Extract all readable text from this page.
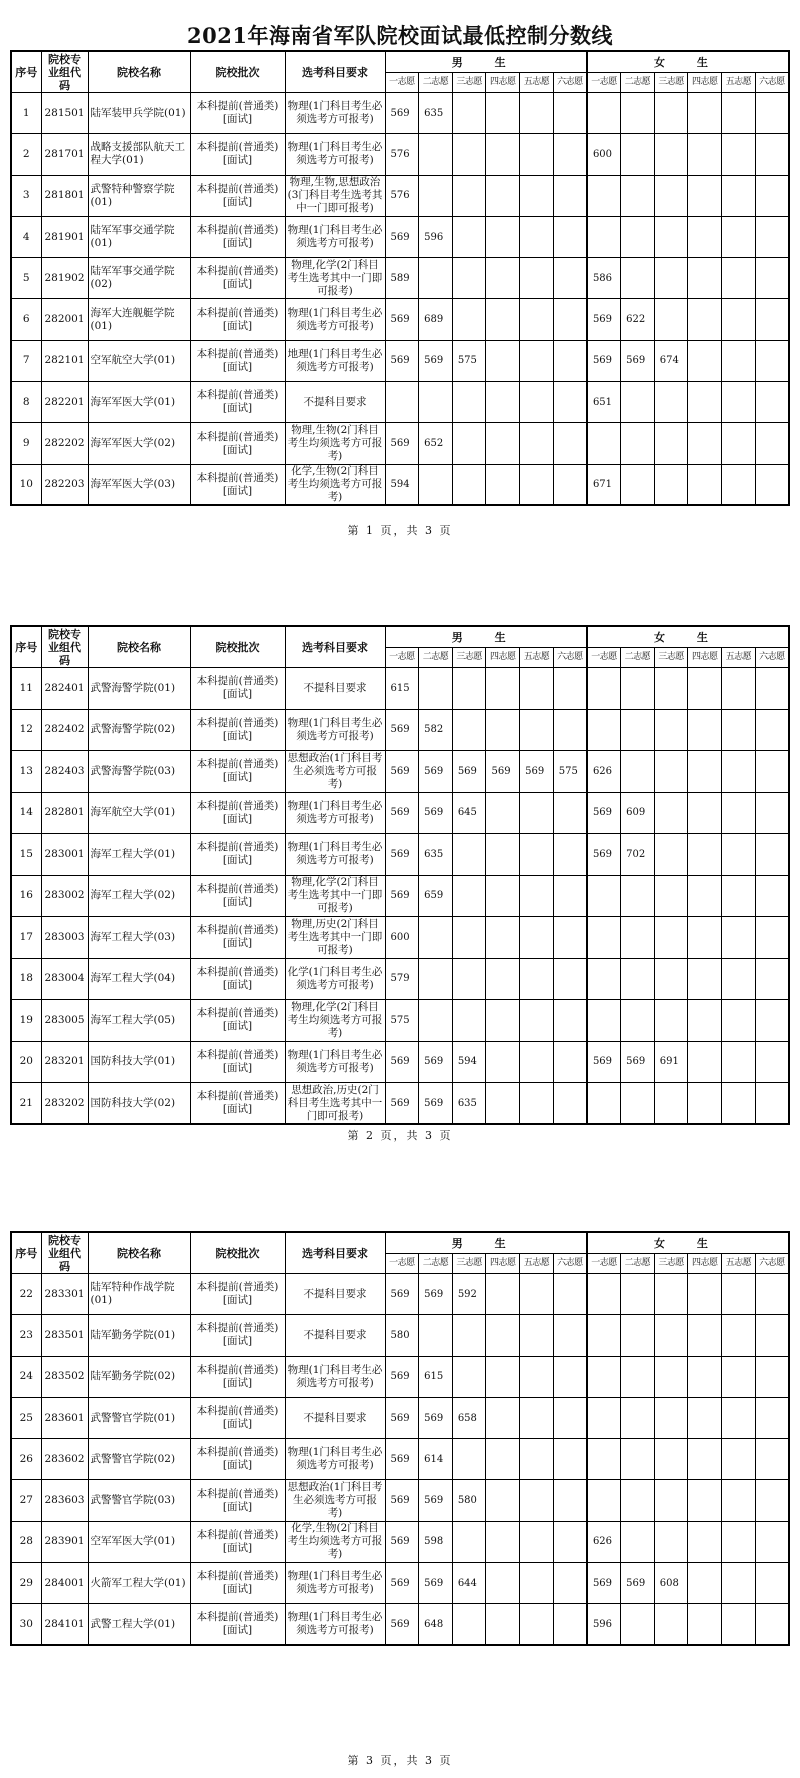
2021年海南省军队院校面试最低控制分数线
序号	院校专业组代码	院校名称	院校批次	选考科目要求	男 生						女 生					
					一志愿	二志愿	三志愿	四志愿	五志愿	六志愿	一志愿	二志愿	三志愿	四志愿	五志愿	六志愿
1	281501	陆军装甲兵学院(01)	本科提前(普通类)[面试]	物理(1门科目考生必须选考方可报考)	569	635										
2	281701	战略支援部队航天工程大学(01)	本科提前(普通类)[面试]	物理(1门科目考生必须选考方可报考)	576						600					
3	281801	武警特种警察学院(01)	本科提前(普通类)[面试]	物理,生物,思想政治(3门科目考生选考其中一门即可报考)	576											
4	281901	陆军军事交通学院(01)	本科提前(普通类)[面试]	物理(1门科目考生必须选考方可报考)	569	596										
5	281902	陆军军事交通学院(02)	本科提前(普通类)[面试]	物理,化学(2门科目考生选考其中一门即可报考)	589						586					
6	282001	海军大连舰艇学院(01)	本科提前(普通类)[面试]	物理(1门科目考生必须选考方可报考)	569	689					569	622				
7	282101	空军航空大学(01)	本科提前(普通类)[面试]	地理(1门科目考生必须选考方可报考)	569	569	575				569	569	674			
8	282201	海军军医大学(01)	本科提前(普通类)[面试]	不提科目要求							651					
9	282202	海军军医大学(02)	本科提前(普通类)[面试]	物理,生物(2门科目考生均须选考方可报考)	569	652										
10	282203	海军军医大学(03)	本科提前(普通类)[面试]	化学,生物(2门科目考生均须选考方可报考)	594						671					
第 1 页，共 3 页
序号	院校专业组代码	院校名称	院校批次	选考科目要求	男 生						女 生					
					一志愿	二志愿	三志愿	四志愿	五志愿	六志愿	一志愿	二志愿	三志愿	四志愿	五志愿	六志愿
11	282401	武警海警学院(01)	本科提前(普通类)[面试]	不提科目要求	615											
12	282402	武警海警学院(02)	本科提前(普通类)[面试]	物理(1门科目考生必须选考方可报考)	569	582										
13	282403	武警海警学院(03)	本科提前(普通类)[面试]	思想政治(1门科目考生必须选考方可报考)	569	569	569	569	569	575	626					
14	282801	海军航空大学(01)	本科提前(普通类)[面试]	物理(1门科目考生必须选考方可报考)	569	569	645				569	609				
15	283001	海军工程大学(01)	本科提前(普通类)[面试]	物理(1门科目考生必须选考方可报考)	569	635					569	702				
16	283002	海军工程大学(02)	本科提前(普通类)[面试]	物理,化学(2门科目考生选考其中一门即可报考)	569	659										
17	283003	海军工程大学(03)	本科提前(普通类)[面试]	物理,历史(2门科目考生选考其中一门即可报考)	600											
18	283004	海军工程大学(04)	本科提前(普通类)[面试]	化学(1门科目考生必须选考方可报考)	579											
19	283005	海军工程大学(05)	本科提前(普通类)[面试]	物理,化学(2门科目考生均须选考方可报考)	575											
20	283201	国防科技大学(01)	本科提前(普通类)[面试]	物理(1门科目考生必须选考方可报考)	569	569	594				569	569	691			
21	283202	国防科技大学(02)	本科提前(普通类)[面试]	思想政治,历史(2门科目考生选考其中一门即可报考)	569	569	635									
第 2 页，共 3 页
序号	院校专业组代码	院校名称	院校批次	选考科目要求	男 生						女 生					
					一志愿	二志愿	三志愿	四志愿	五志愿	六志愿	一志愿	二志愿	三志愿	四志愿	五志愿	六志愿
22	283301	陆军特种作战学院(01)	本科提前(普通类)[面试]	不提科目要求	569	569	592									
23	283501	陆军勤务学院(01)	本科提前(普通类)[面试]	不提科目要求	580											
24	283502	陆军勤务学院(02)	本科提前(普通类)[面试]	物理(1门科目考生必须选考方可报考)	569	615										
25	283601	武警警官学院(01)	本科提前(普通类)[面试]	不提科目要求	569	569	658									
26	283602	武警警官学院(02)	本科提前(普通类)[面试]	物理(1门科目考生必须选考方可报考)	569	614										
27	283603	武警警官学院(03)	本科提前(普通类)[面试]	思想政治(1门科目考生必须选考方可报考)	569	569	580									
28	283901	空军军医大学(01)	本科提前(普通类)[面试]	化学,生物(2门科目考生均须选考方可报考)	569	598					626					
29	284001	火箭军工程大学(01)	本科提前(普通类)[面试]	物理(1门科目考生必须选考方可报考)	569	569	644				569	569	608			
30	284101	武警工程大学(01)	本科提前(普通类)[面试]	物理(1门科目考生必须选考方可报考)	569	648					596					
第 3 页，共 3 页
